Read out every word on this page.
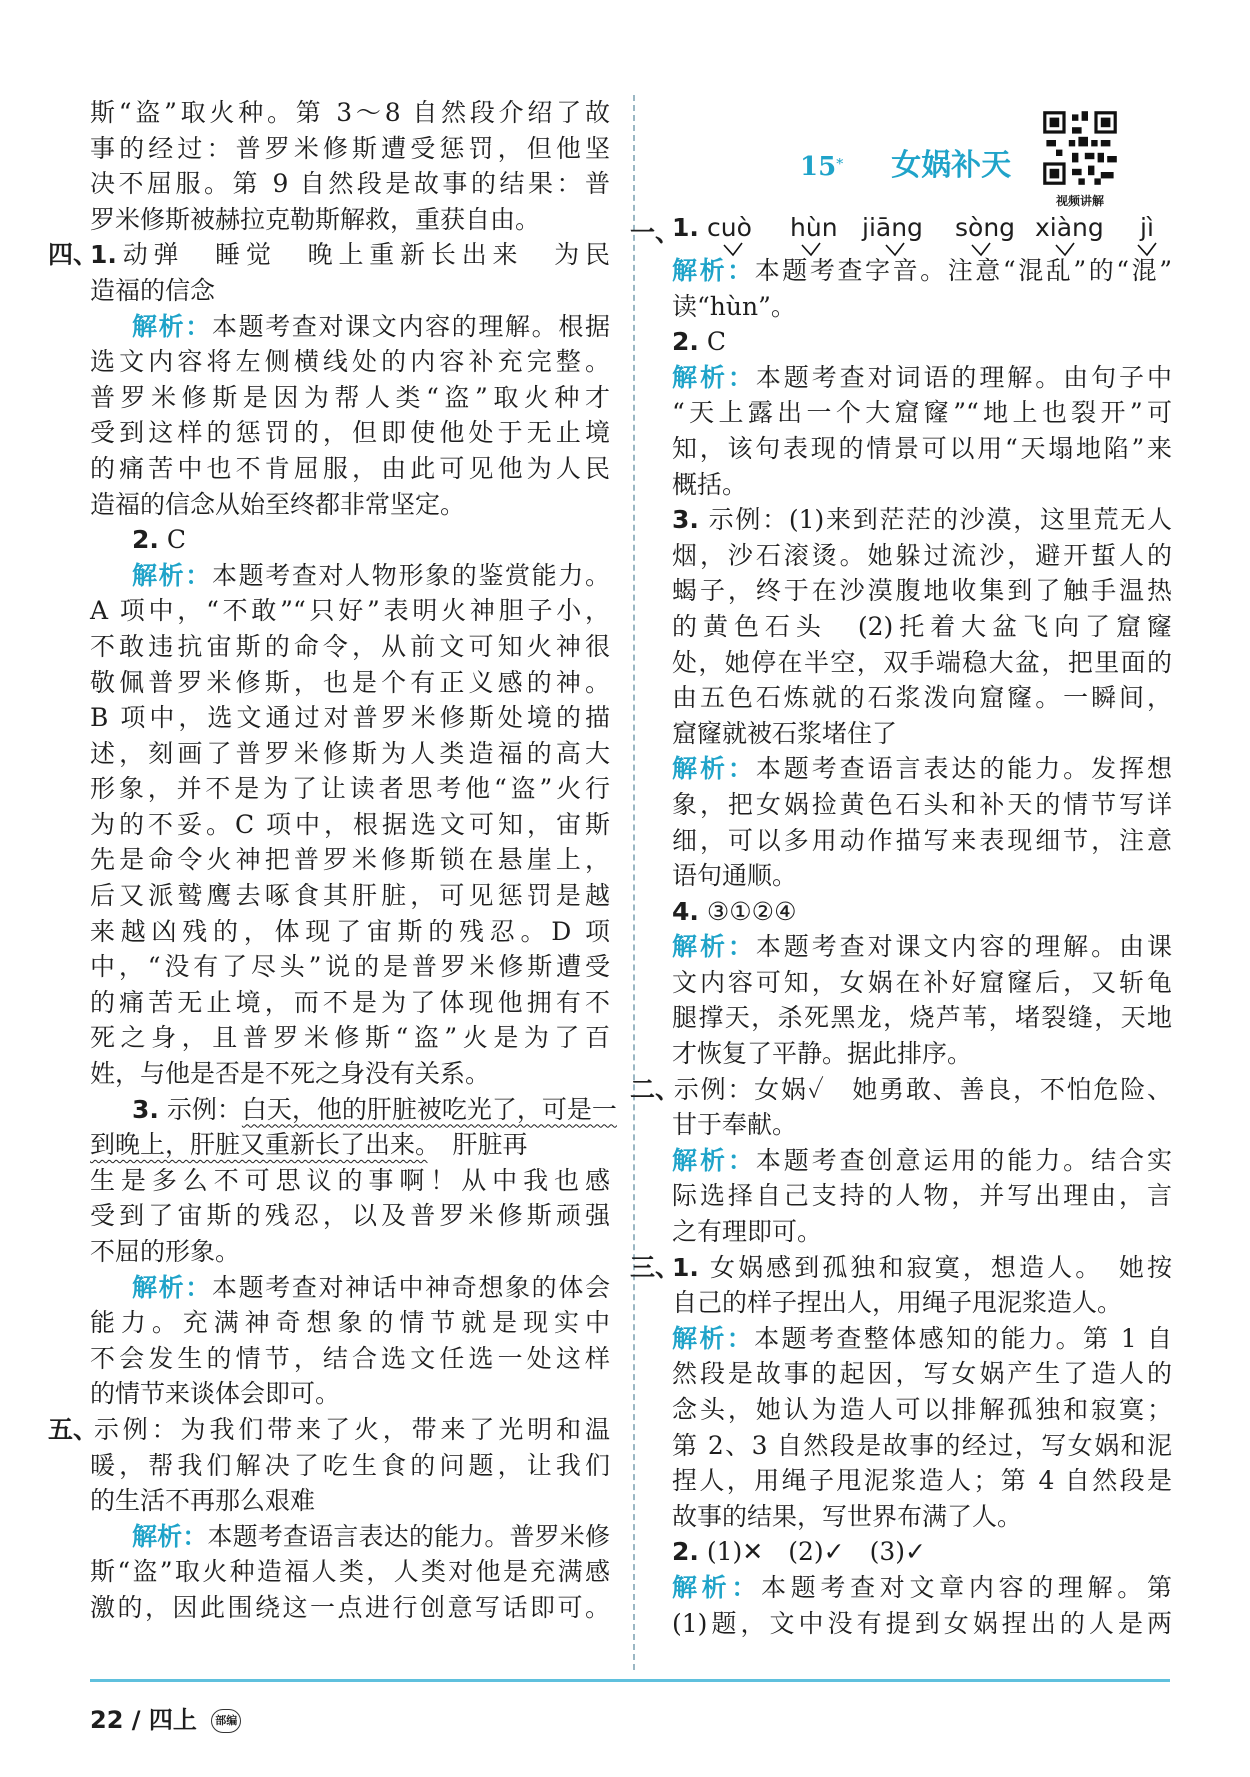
斯“盗”取火种。第 3～8 自然段介绍了故
事的经过：普罗米修斯遭受惩罚，但他坚
决不屈服。第 9 自然段是故事的结果：普
罗米修斯被赫拉克勒斯解救，重获自由。
四、1.动弹　睡觉　晚上重新长出来　为民
造福的信念
解析：本题考查对课文内容的理解。根据
选文内容将左侧横线处的内容补充完整。
普罗米修斯是因为帮人类“盗”取火种才
受到这样的惩罚的，但即使他处于无止境
的痛苦中也不肯屈服，由此可见他为人民
造福的信念从始至终都非常坚定。
2. C
解析：本题考查对人物形象的鉴赏能力。
A 项中，“不敢”“只好”表明火神胆子小，
不敢违抗宙斯的命令，从前文可知火神很
敬佩普罗米修斯，也是个有正义感的神。
B 项中，选文通过对普罗米修斯处境的描
述，刻画了普罗米修斯为人类造福的高大
形象，并不是为了让读者思考他“盗”火行
为的不妥。C 项中，根据选文可知，宙斯
先是命令火神把普罗米修斯锁在悬崖上，
后又派鹫鹰去啄食其肝脏，可见惩罚是越
来越凶残的，体现了宙斯的残忍。D 项
中，“没有了尽头”说的是普罗米修斯遭受
的痛苦无止境，而不是为了体现他拥有不
死之身，且普罗米修斯“盗”火是为了百
姓，与他是否是不死之身没有关系。
3. 示例：白天，他的肝脏被吃光了，可是一
到晚上，肝脏又重新长了出来。　肝脏再
生是多么不可思议的事啊！从中我也感
受到了宙斯的残忍，以及普罗米修斯顽强
不屈的形象。
解析：本题考查对神话中神奇想象的体会
能力。充满神奇想象的情节就是现实中
不会发生的情节，结合选文任选一处这样
的情节来谈体会即可。
五、示例：为我们带来了火，带来了光明和温
暖，帮我们解决了吃生食的问题，让我们
的生活不再那么艰难
解析：本题考查语言表达的能力。普罗米修
斯“盗”取火种造福人类，人类对他是充满感
激的，因此围绕这一点进行创意写话即可。
15* 女娲补天
视频讲解
一、
1. cuò hùn jiāng sòng xiàng jì
解析：本题考查字音。注意“混乱”的“混”
读“hùn”。
2. C
解析：本题考查对词语的理解。由句子中
“天上露出一个大窟窿”“地上也裂开”可
知，该句表现的情景可以用“天塌地陷”来
概括。
3. 示例：(1)来到茫茫的沙漠，这里荒无人
烟，沙石滚烫。她躲过流沙，避开蜇人的
蝎子，终于在沙漠腹地收集到了触手温热
的黄色石头　(2)托着大盆飞向了窟窿
处，她停在半空，双手端稳大盆，把里面的
由五色石炼就的石浆泼向窟窿。一瞬间，
窟窿就被石浆堵住了
解析：本题考查语言表达的能力。发挥想
象，把女娲捡黄色石头和补天的情节写详
细，可以多用动作描写来表现细节，注意
语句通顺。
4. ③①②④
解析：本题考查对课文内容的理解。由课
文内容可知，女娲在补好窟窿后，又斩龟
腿撑天，杀死黑龙，烧芦苇，堵裂缝，天地
才恢复了平静。据此排序。
二、示例：女娲✓　她勇敢、善良，不怕危险、
甘于奉献。
解析：本题考查创意运用的能力。结合实
际选择自己支持的人物，并写出理由，言
之有理即可。
三、1. 女娲感到孤独和寂寞，想造人。　她按
自己的样子捏出人，用绳子甩泥浆造人。
解析：本题考查整体感知的能力。第 1 自
然段是故事的起因，写女娲产生了造人的
念头，她认为造人可以排解孤独和寂寞；
第 2、3 自然段是故事的经过，写女娲和泥
捏人，用绳子甩泥浆造人；第 4 自然段是
故事的结果，写世界布满了人。
2. (1)✕　(2)✓　(3)✓
解析：本题考查对文章内容的理解。第
(1)题，文中没有提到女娲捏出的人是两
22 / 四上 部编
